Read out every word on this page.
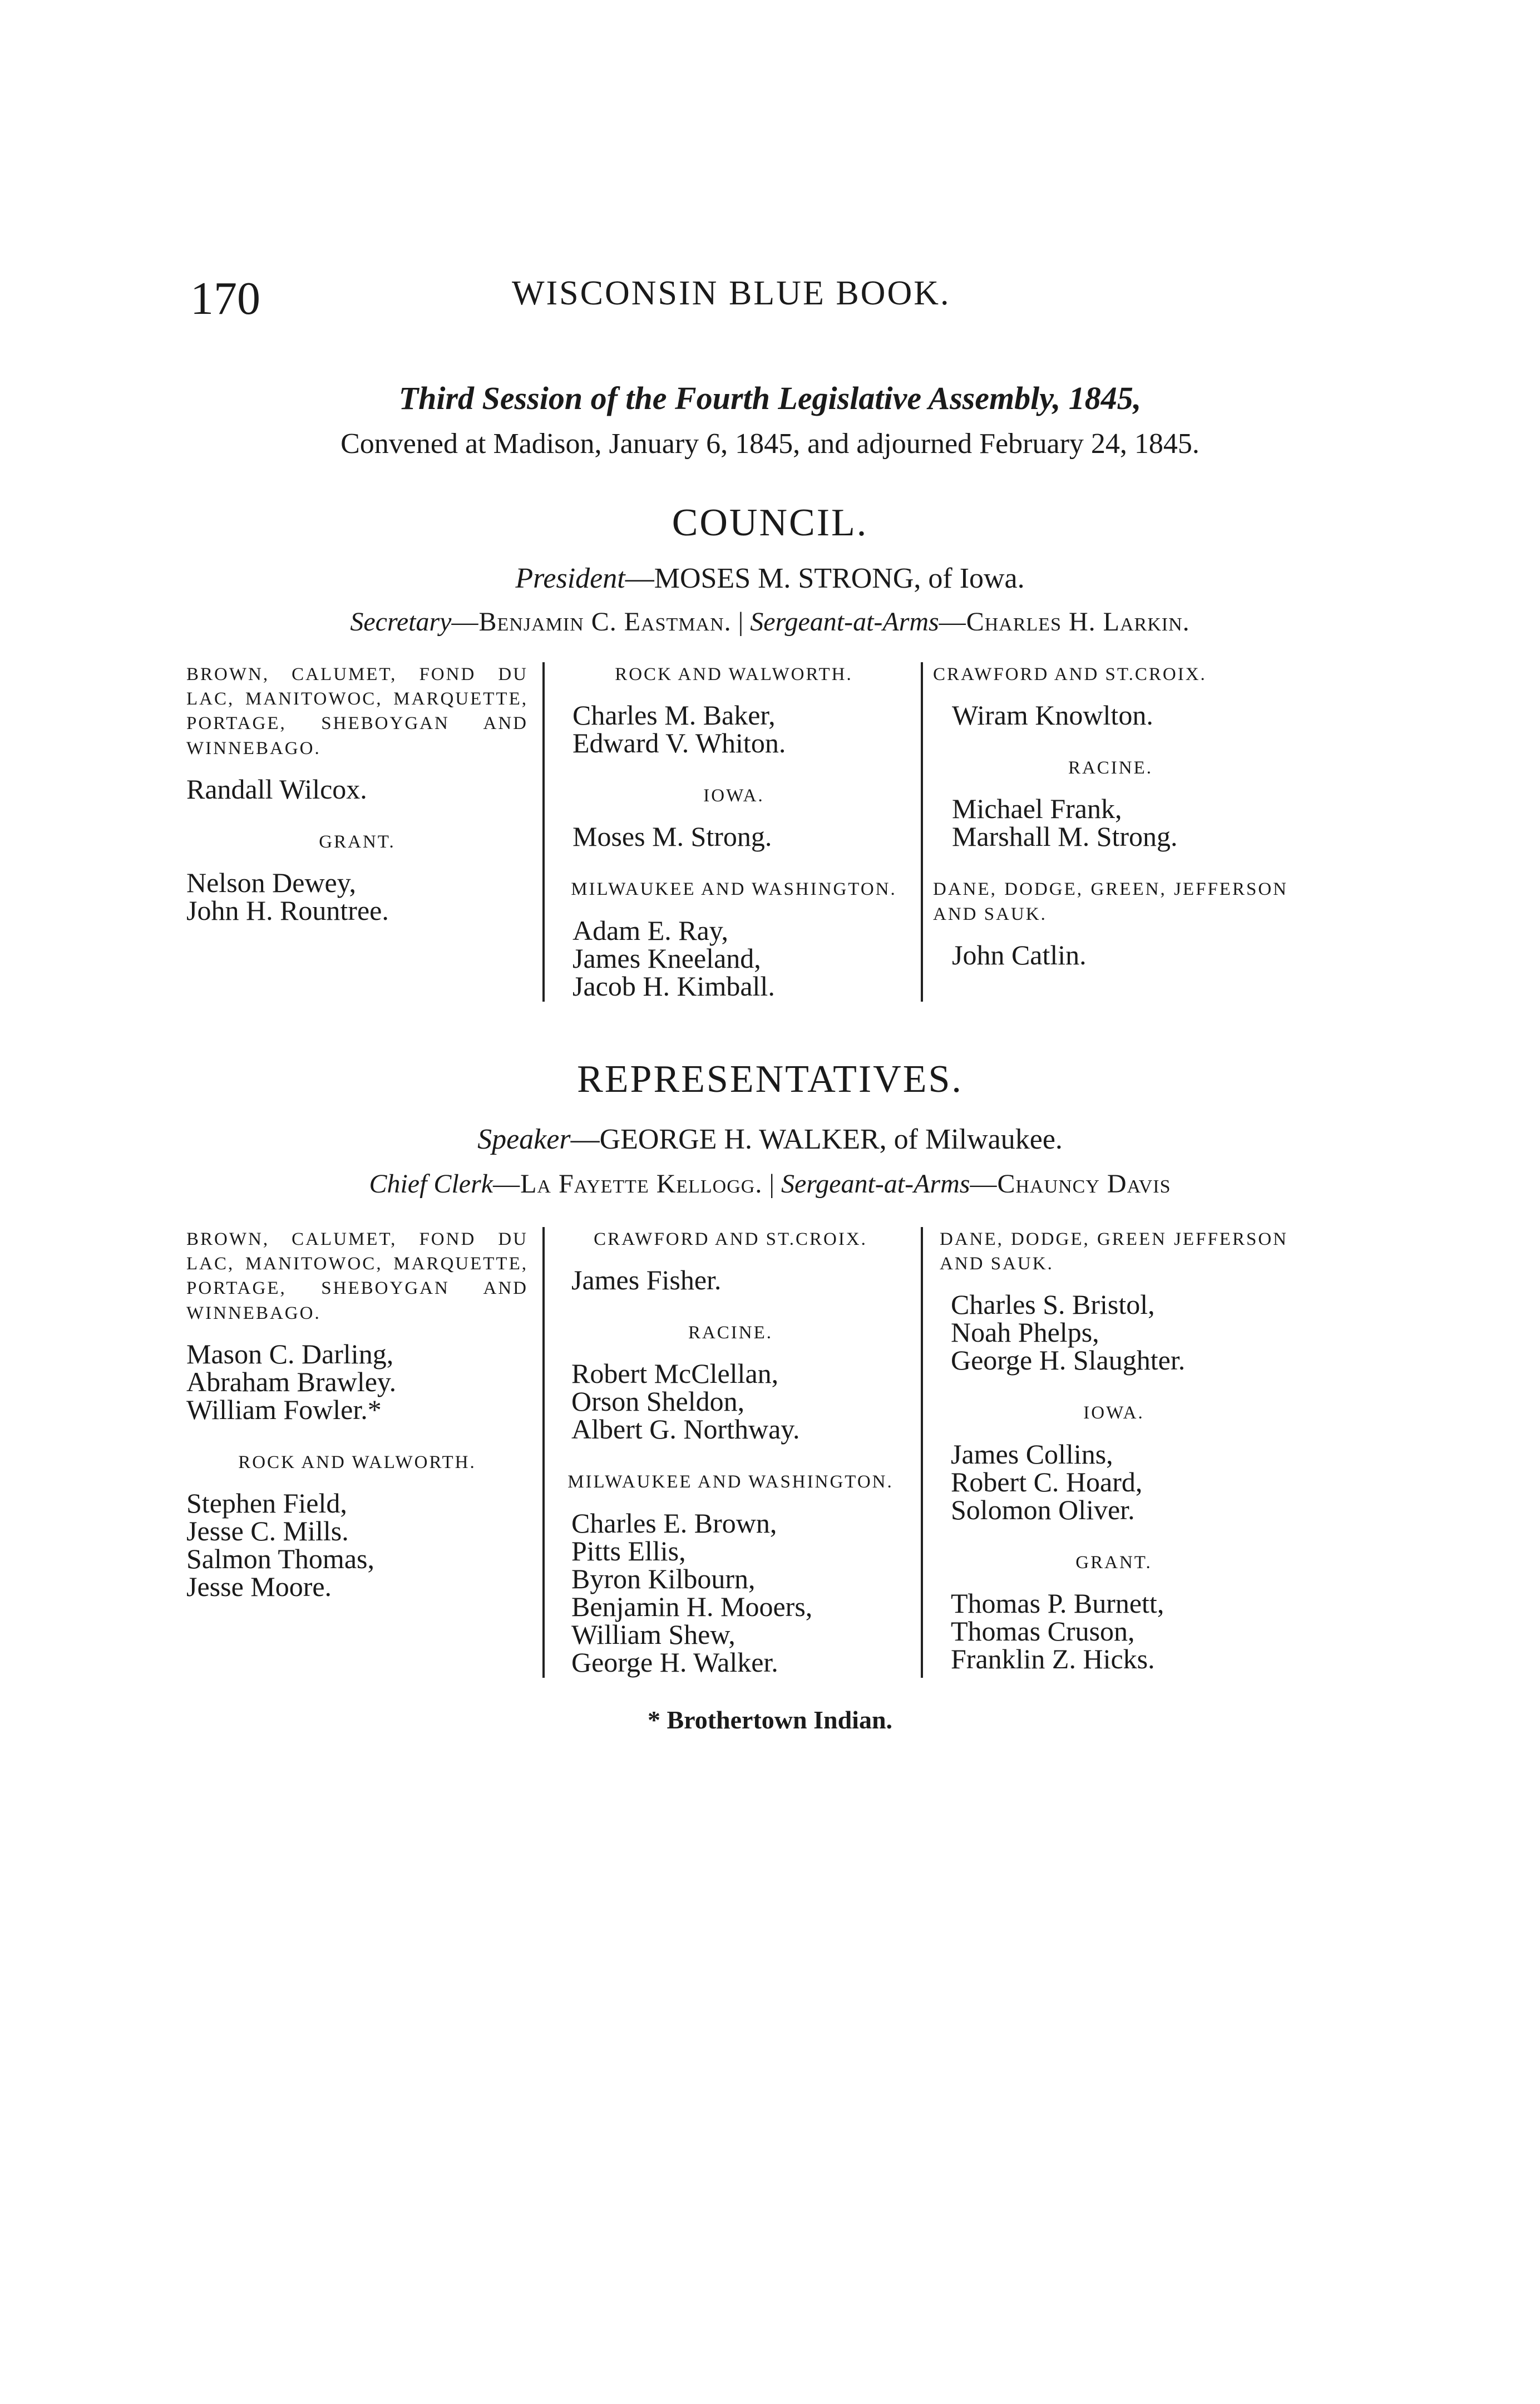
170	WISCONSIN BLUE BOOK.
Third Session of the Fourth Legislative Assembly, 1845,
Convened at Madison, January 6, 1845, and adjourned February 24, 1845.
COUNCIL.
President—MOSES M. STRONG, of Iowa.
Secretary—Benjamin C. Eastman. | Sergeant-at-Arms—Charles H. Larkin.
BROWN, CALUMET, FOND DU LAC, MANITOWOC, MARQUETTE, PORTAGE, SHEBOYGAN AND WINNEBAGO.
Randall Wilcox.
GRANT.
Nelson Dewey,
John H. Rountree.
ROCK AND WALWORTH.
Charles M. Baker,
Edward V. Whiton.
IOWA.
Moses M. Strong.
MILWAUKEE AND WASHINGTON.
Adam E. Ray,
James Kneeland,
Jacob H. Kimball.
CRAWFORD AND ST.CROIX.
Wiram Knowlton.
RACINE.
Michael Frank,
Marshall M. Strong.
DANE, DODGE, GREEN, JEFFERSON AND SAUK.
John Catlin.
REPRESENTATIVES.
Speaker—GEORGE H. WALKER, of Milwaukee.
Chief Clerk—La Fayette Kellogg. | Sergeant-at-Arms—Chauncy Davis
BROWN, CALUMET, FOND DU LAC, MANITOWOC, MARQUETTE, PORTAGE, SHEBOYGAN AND WINNEBAGO.
Mason C. Darling,
Abraham Brawley.
William Fowler.*
ROCK AND WALWORTH.
Stephen Field,
Jesse C. Mills.
Salmon Thomas,
Jesse Moore.
CRAWFORD AND ST.CROIX.
James Fisher.
RACINE.
Robert McClellan,
Orson Sheldon,
Albert G. Northway.
MILWAUKEE AND WASHINGTON.
Charles E. Brown,
Pitts Ellis,
Byron Kilbourn,
Benjamin H. Mooers,
William Shew,
George H. Walker.
DANE, DODGE, GREEN JEFFERSON AND SAUK.
Charles S. Bristol,
Noah Phelps,
George H. Slaughter.
IOWA.
James Collins,
Robert C. Hoard,
Solomon Oliver.
GRANT.
Thomas P. Burnett,
Thomas Cruson,
Franklin Z. Hicks.
* Brothertown Indian.
